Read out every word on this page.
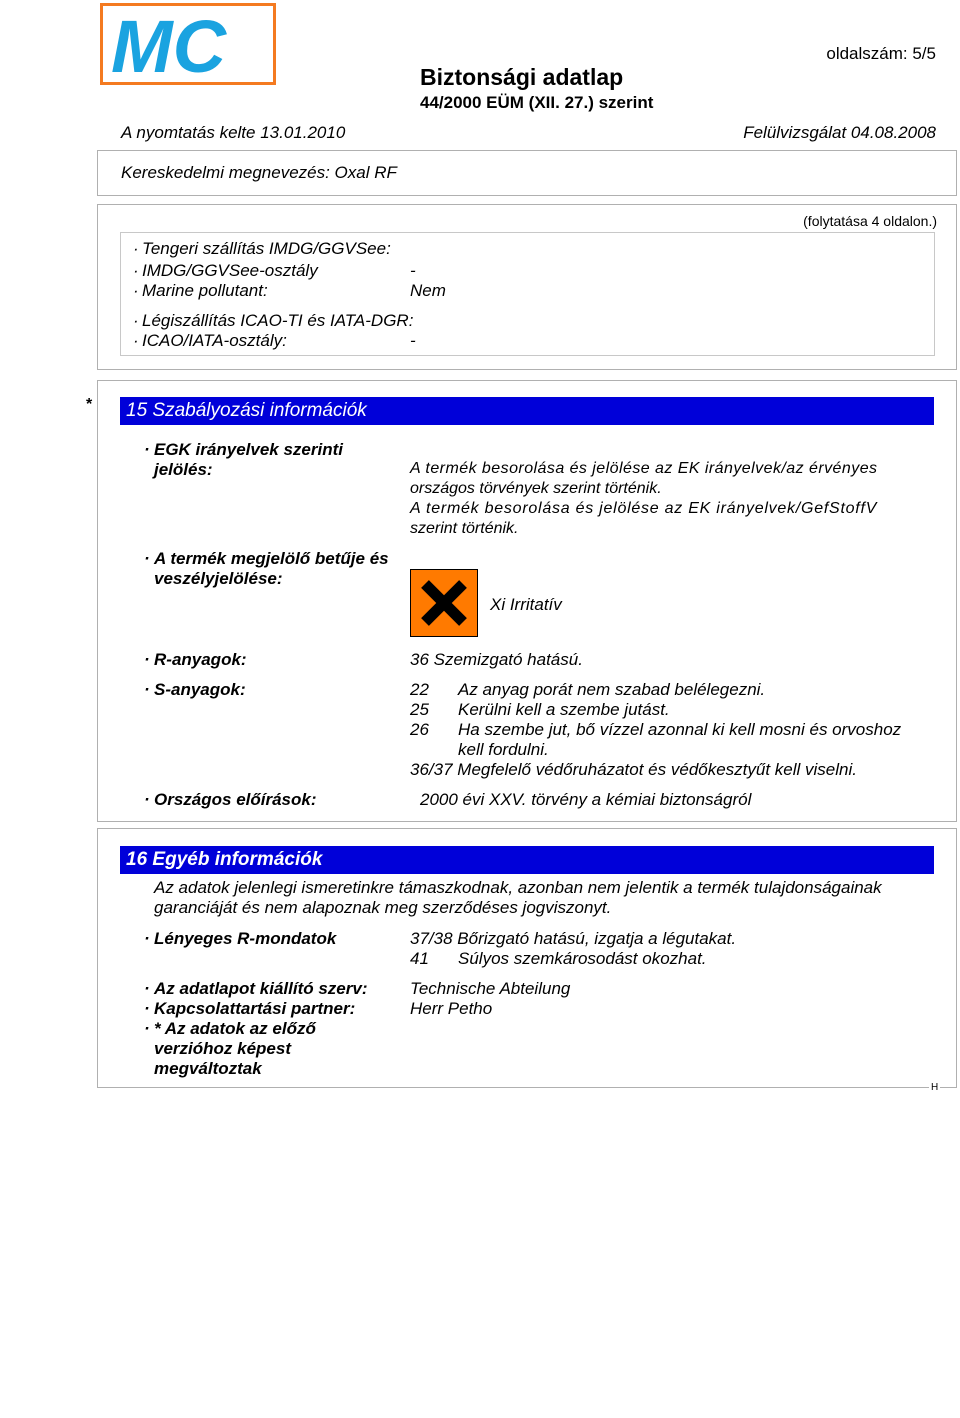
MC	oldalszám: 5/5
Biztonsági adatlap
44/2000 EÜM (XII. 27.) szerint
A nyomtatás kelte 13.01.2010	Felülvizsgálat 04.08.2008
Kereskedelmi megnevezés: Oxal RF
(folytatása 4 oldalon.)
· Tengeri szállítás IMDG/GGVSee:
· IMDG/GGVSee-osztály	-
· Marine pollutant:	Nem
· Légiszállítás ICAO-TI és IATA-DGR:
· ICAO/IATA-osztály:	-
* 15 Szabályozási információk
· EGK irányelvek szerinti
jelölés:	A termék besorolása és jelölése az EK irányelvek/az érvényes
országos törvények szerint történik.
A termék besorolása és jelölése az EK irányelvek/GefStoffV
szerint történik.
· A termék megjelölő betűje és
veszélyjelölése:
Xi Irritatív
· R-anyagok:	36 Szemizgató hatású.
· S-anyagok:	22 Az anyag porát nem szabad belélegezni.
25 Kerülni kell a szembe jutást.
26 Ha szembe jut, bő vízzel azonnal ki kell mosni és orvoshoz
kell fordulni.
36/37 Megfelelő védőruházatot és védőkesztyűt kell viselni.
· Országos előírások:	2000 évi XXV. törvény a kémiai biztonságról
16 Egyéb információk
Az adatok jelenlegi ismeretinkre támaszkodnak, azonban nem jelentik a termék tulajdonságainak
garanciáját és nem alapoznak meg szerződéses jogviszonyt.
· Lényeges R-mondatok	37/38 Bőrizgató hatású, izgatja a légutakat.
41 Súlyos szemkárosodást okozhat.
· Az adatlapot kiállító szerv:	Technische Abteilung
· Kapcsolattartási partner:	Herr Petho
· * Az adatok az előző
verzióhoz képest
megváltoztak
H
